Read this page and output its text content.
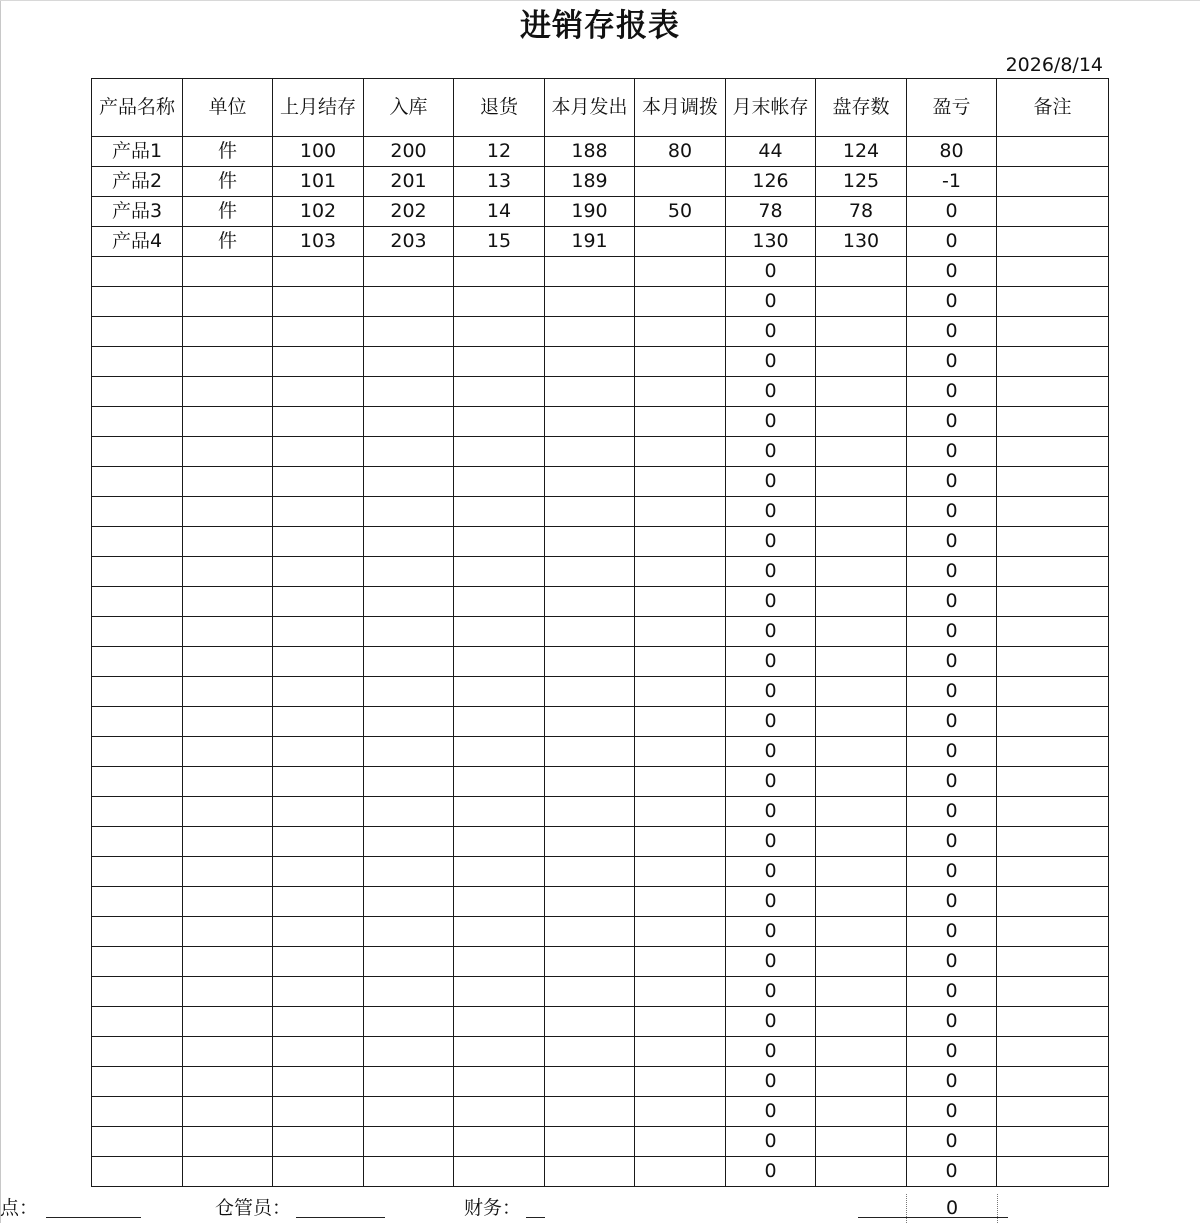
进销存报表
2026/8/14
产品名称	单位	上月结存	入库	退货	本月发出	本月调拨	月末帐存	盘存数	盈亏	备注
产品1	件	100	200	12	188	80	44	124	80	
产品2	件	101	201	13	189		126	125	-1	
产品3	件	102	202	14	190	50	78	78	0	
产品4	件	103	203	15	191		130	130	0	
							0		0	
							0		0	
							0		0	
							0		0	
							0		0	
							0		0	
							0		0	
							0		0	
							0		0	
							0		0	
							0		0	
							0		0	
							0		0	
							0		0	
							0		0	
							0		0	
							0		0	
							0		0	
							0		0	
							0		0	
							0		0	
							0		0	
							0		0	
							0		0	
							0		0	
							0		0	
							0		0	
							0		0	
							0		0	
							0		0	
							0		0	
点：	仓管员：	财务：	0
